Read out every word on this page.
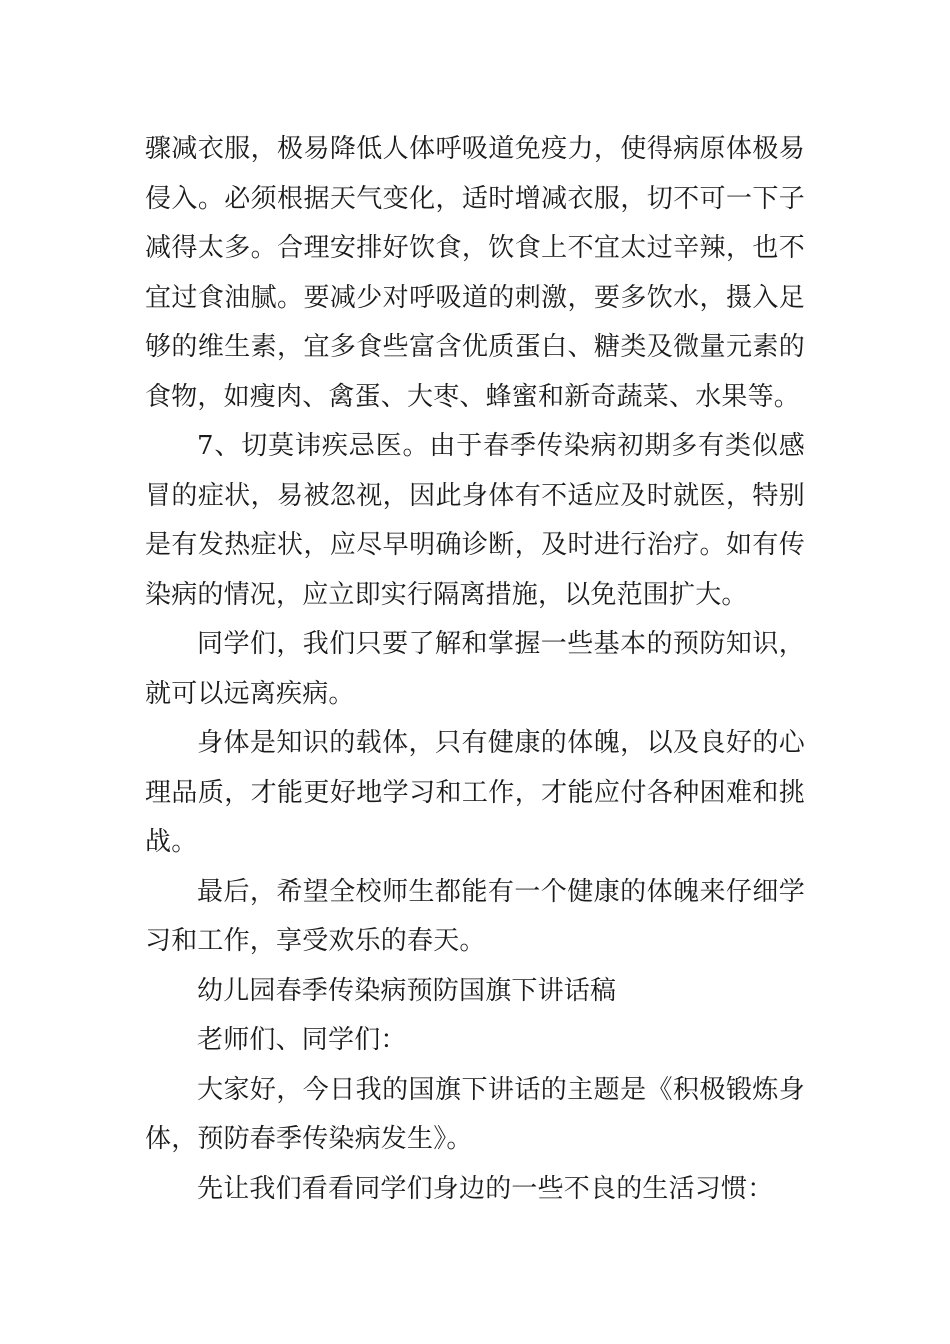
骤减衣服，极易降低人体呼吸道免疫力，使得病原体极易侵入。必须根据天气变化，适时增减衣服，切不可一下子减得太多。合理安排好饮食，饮食上不宜太过辛辣，也不宜过食油腻。要减少对呼吸道的刺激，要多饮水，摄入足够的维生素，宜多食些富含优质蛋白、糖类及微量元素的食物，如瘦肉、禽蛋、大枣、蜂蜜和新奇蔬菜、水果等。

7、切莫讳疾忌医。由于春季传染病初期多有类似感冒的症状，易被忽视，因此身体有不适应及时就医，特别是有发热症状，应尽早明确诊断，及时进行治疗。如有传染病的情况，应立即实行隔离措施，以免范围扩大。

同学们，我们只要了解和掌握一些基本的预防知识，就可以远离疾病。

身体是知识的载体，只有健康的体魄，以及良好的心理品质，才能更好地学习和工作，才能应付各种困难和挑战。

最后，希望全校师生都能有一个健康的体魄来仔细学习和工作，享受欢乐的春天。

幼儿园春季传染病预防国旗下讲话稿

老师们、同学们：

大家好，今日我的国旗下讲话的主题是《积极锻炼身体，预防春季传染病发生》。

先让我们看看同学们身边的一些不良的生活习惯：
